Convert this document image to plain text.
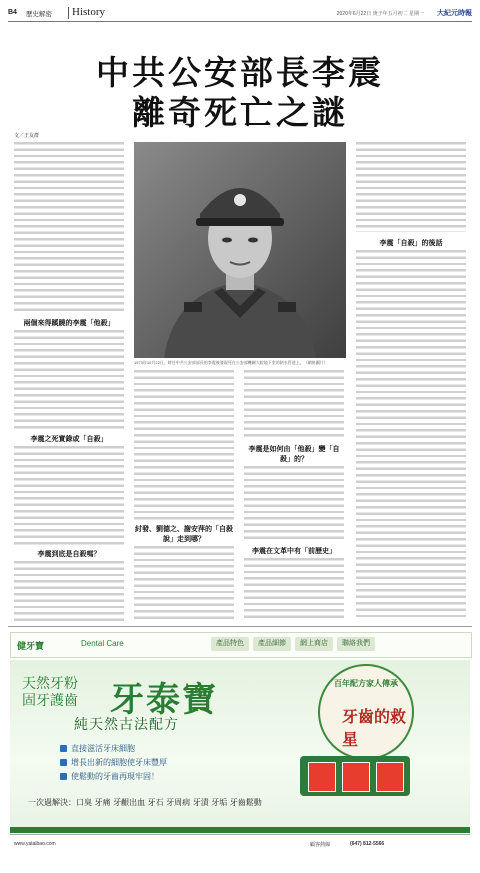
B4 歷史解密 History	2020年6月22日 庚子年五月初二 星期一 大紀元時報
中共公安部長李震
離奇死亡之謎
文／王友群
1973年10月22日，時任中共公安部部長的李震被發現死在公安部機關大院地下室的熱水管道上。（網絡圖片）
兩個來得蹊蹺的李震「他殺」
李震之死實錄或「自殺」
李震到底是自殺嗎？
紂發、劉德之、謝安萍的「自殺說」走到哪？
李震是如何由「他殺」變「自殺」的？
李震在文革中有「前歷史」
李震「自殺」的後話
健牙寶	Dental Care	產品特色	產品細節	網上商店	聯絡我們
天然牙粉
固牙護齒 牙泰寶
純天然古法配方
直接滋活牙床細胞
增長出新的細胞使牙床豐厚
使鬆動的牙齒再現牢固！
一次過解決：口臭 牙痛 牙齦出血 牙石 牙周病 牙漬 牙垢 牙齒鬆動
百年配方家人傳承
牙齒的救星
www.yataibao.com	顧客熱線	(647) 812-5566
